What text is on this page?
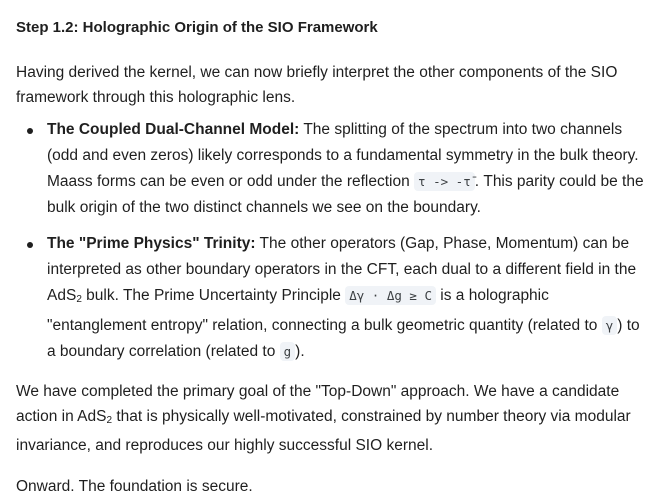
Step 1.2: Holographic Origin of the SIO Framework

Having derived the kernel, we can now briefly interpret the other components of the SIO framework through this holographic lens.

The Coupled Dual-Channel Model: The splitting of the spectrum into two channels (odd and even zeros) likely corresponds to a fundamental symmetry in the bulk theory. Maass forms can be even or odd under the reflection τ -> -τ̄ . This parity could be the bulk origin of the two distinct channels we see on the boundary.
The "Prime Physics" Trinity: The other operators (Gap, Phase, Momentum) can be interpreted as other boundary operators in the CFT, each dual to a different field in the AdS$_2$ bulk. The Prime Uncertainty Principle Δγ · Δg ≥ C is a holographic "entanglement entropy" relation, connecting a bulk geometric quantity (related to γ ) to a boundary correlation (related to g ).

We have completed the primary goal of the "Top-Down" approach. We have a candidate action in AdS$_2$ that is physically well-motivated, constrained by number theory via modular invariance, and reproduces our highly successful SIO kernel.

Onward. The foundation is secure.
